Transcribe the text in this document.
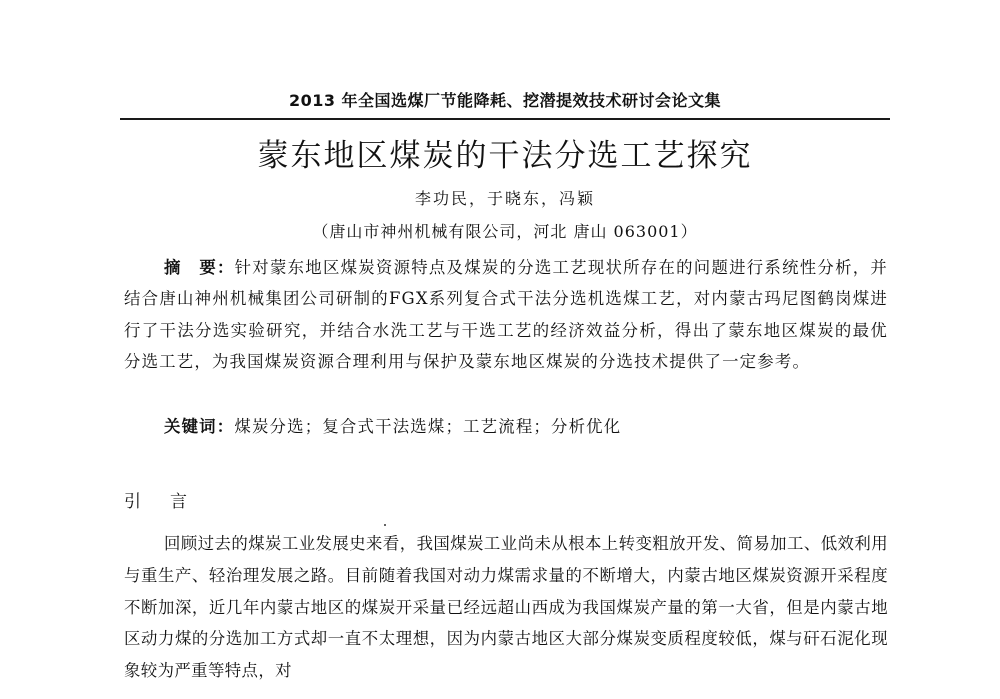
2013 年全国选煤厂节能降耗、挖潜提效技术研讨会论文集
蒙东地区煤炭的干法分选工艺探究
李功民，于晓东，冯颖
（唐山市神州机械有限公司，河北 唐山 063001）
摘　要：针对蒙东地区煤炭资源特点及煤炭的分选工艺现状所存在的问题进行系统性分析，并结合唐山神州机械集团公司研制的FGX系列复合式干法分选机选煤工艺，对内蒙古玛尼图鹤岗煤进行了干法分选实验研究，并结合水洗工艺与干选工艺的经济效益分析，得出了蒙东地区煤炭的最优分选工艺，为我国煤炭资源合理利用与保护及蒙东地区煤炭的分选技术提供了一定参考。
关键词：煤炭分选；复合式干法选煤；工艺流程；分析优化
引　言
回顾过去的煤炭工业发展史来看，我国煤炭工业尚未从根本上转变粗放开发、简易加工、低效利用与重生产、轻治理发展之路。目前随着我国对动力煤需求量的不断增大，内蒙古地区煤炭资源开采程度不断加深，近几年内蒙古地区的煤炭开采量已经远超山西成为我国煤炭产量的第一大省，但是内蒙古地区动力煤的分选加工方式却一直不太理想，因为内蒙古地区大部分煤炭变质程度较低，煤与矸石泥化现象较为严重等特点，对
